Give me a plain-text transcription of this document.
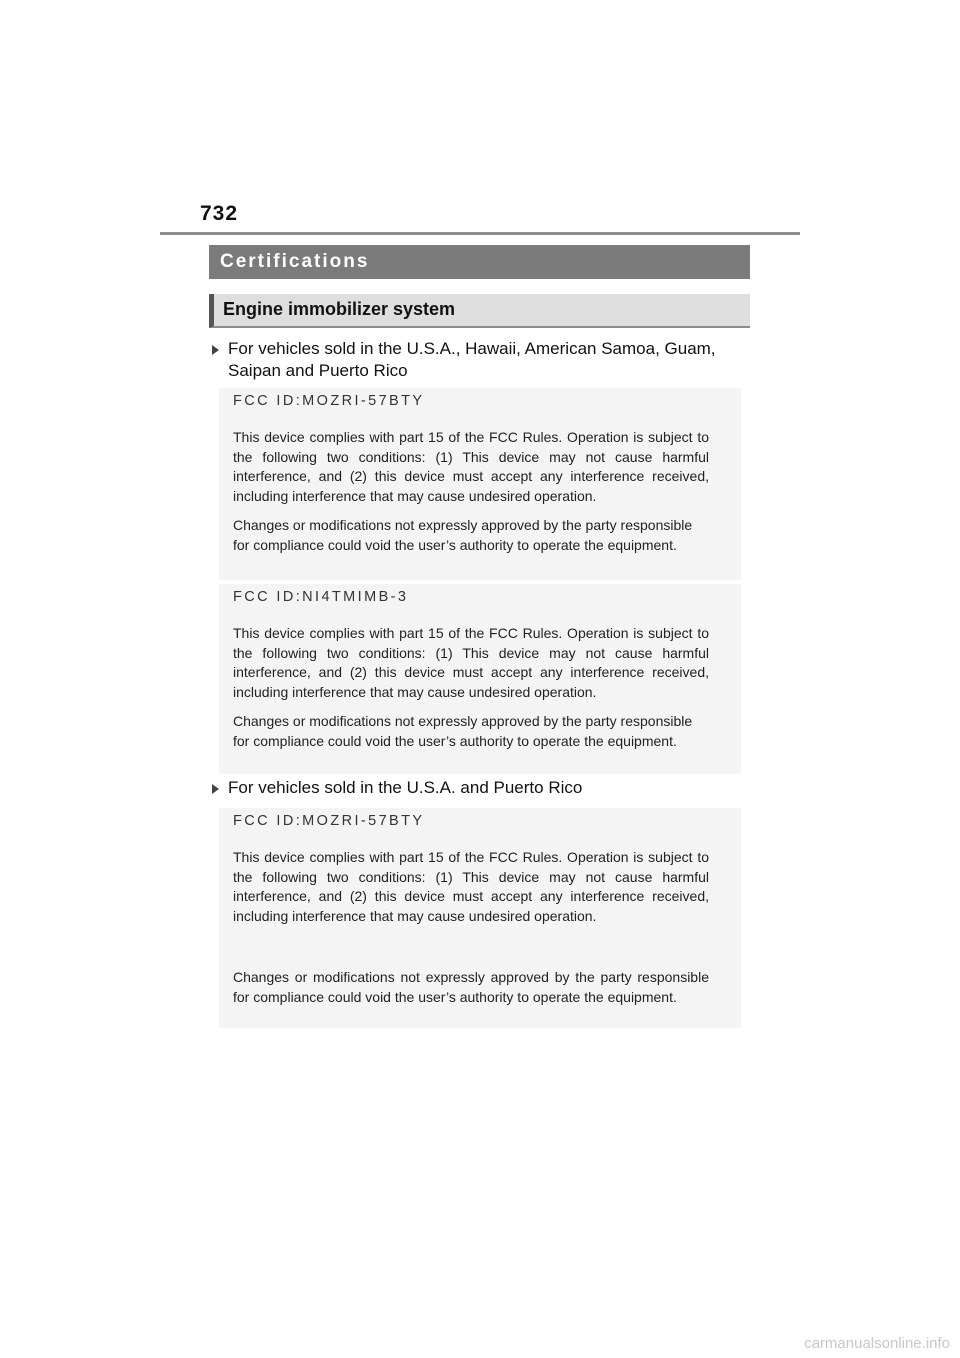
732
Certifications
Engine immobilizer system
For vehicles sold in the U.S.A., Hawaii, American Samoa, Guam, Saipan and Puerto Rico
FCC ID:MOZRI-57BTY

This device complies with part 15 of the FCC Rules. Operation is subject to the following two conditions: (1) This device may not cause harmful interference, and (2) this device must accept any interference received, including interference that may cause undesired operation.

Changes or modifications not expressly approved by the party responsible for compliance could void the user’s authority to operate the equipment.

FCC ID:NI4TMIMB-3

This device complies with part 15 of the FCC Rules. Operation is subject to the following two conditions: (1) This device may not cause harmful interference, and (2) this device must accept any interference received, including interference that may cause undesired operation.

Changes or modifications not expressly approved by the party responsible for compliance could void the user’s authority to operate the equipment.

For vehicles sold in the U.S.A. and Puerto Rico
FCC ID:MOZRI-57BTY

This device complies with part 15 of the FCC Rules. Operation is subject to the following two conditions: (1) This device may not cause harmful interference, and (2) this device must accept any interference received, including interference that may cause undesired operation.

Changes or modifications not expressly approved by the party responsible for compliance could void the user’s authority to operate the equipment.

carmanualsonline.info
